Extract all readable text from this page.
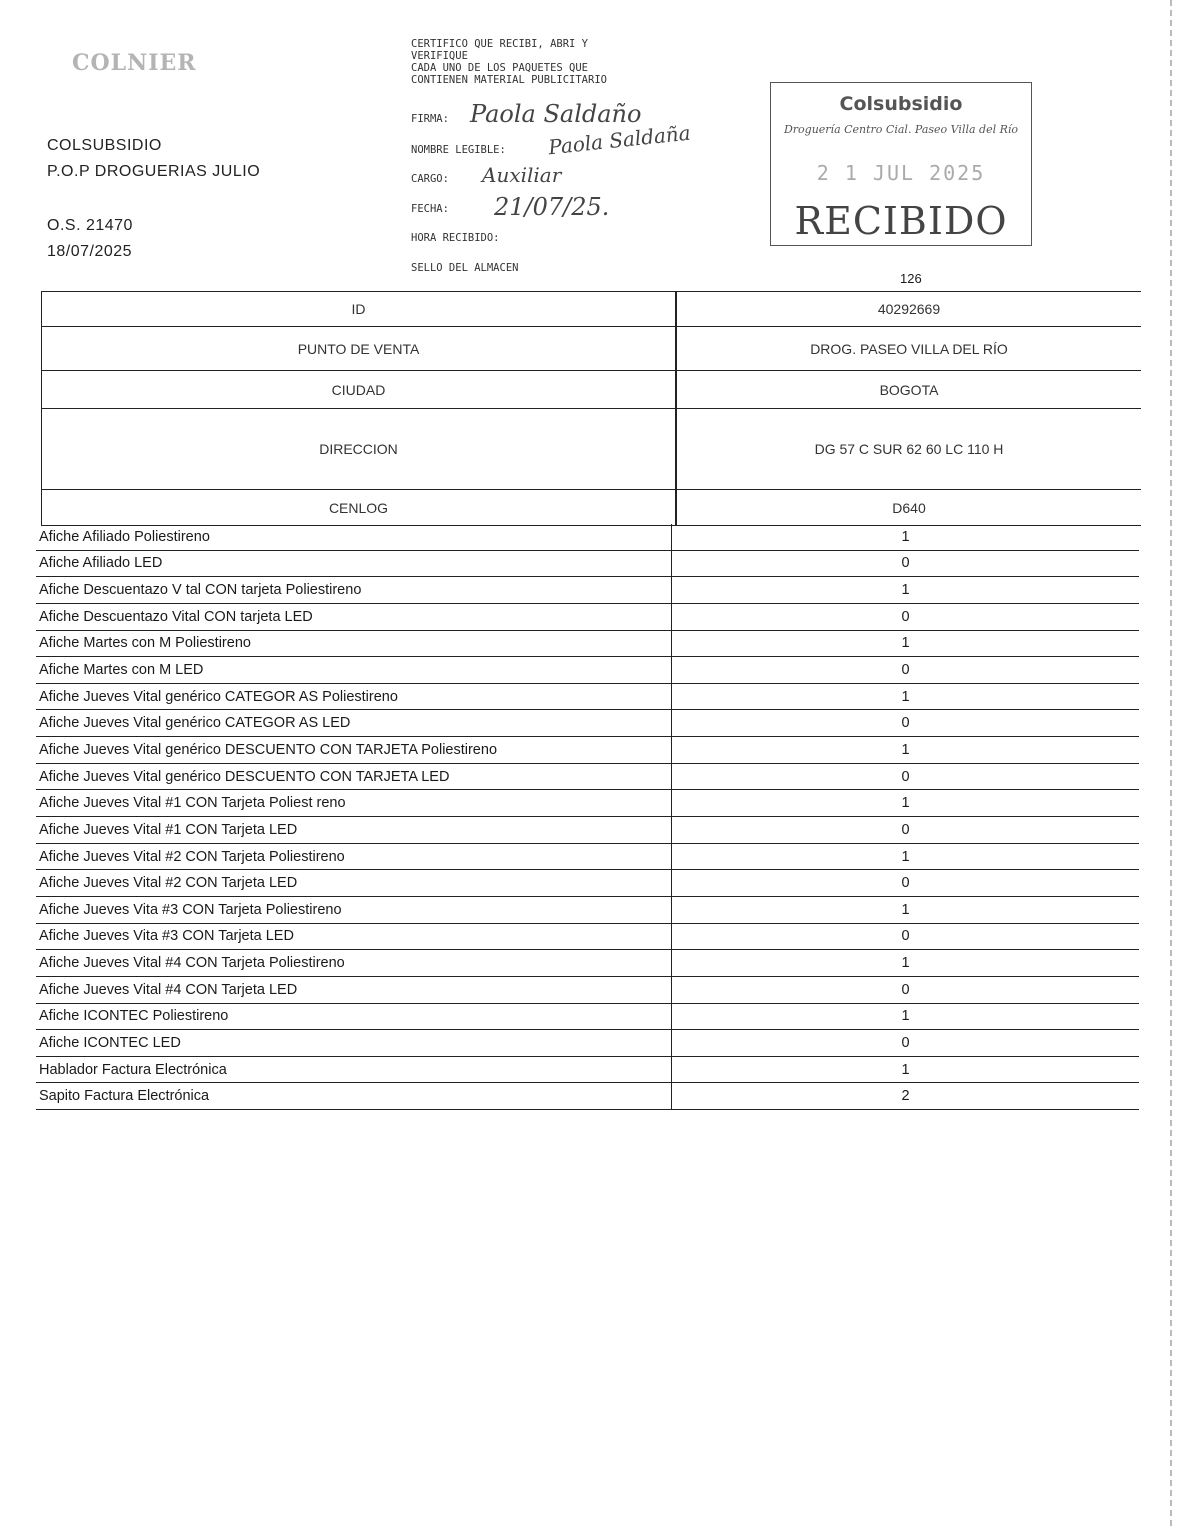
COLNIER
COLSUBSIDIO
P.O.P DROGUERIAS JULIO
O.S. 21470
18/07/2025
CERTIFICO QUE RECIBI, ABRI Y
VERIFIQUE
CADA UNO DE LOS PAQUETES QUE
CONTIENEN MATERIAL PUBLICITARIO
FIRMA: Paola Saldaño
NOMBRE LEGIBLE: Paola Saldaña
CARGO: Auxiliar
FECHA: 21/07/25.
HORA RECIBIDO:
SELLO DEL ALMACEN
Colsubsidio
Droguería Centro Cial. Paseo Villa del Río
2 1 JUL 2025
RECIBIDO
126
ID	40292669
PUNTO DE VENTA	DROG. PASEO VILLA DEL RÍO
CIUDAD	BOGOTA
DIRECCION	DG 57 C SUR 62 60 LC 110 H
CENLOG	D640
Afiche Afiliado Poliestireno	1
Afiche Afiliado LED	0
Afiche Descuentazo V tal CON tarjeta Poliestireno	1
Afiche Descuentazo Vital CON tarjeta LED	0
Afiche Martes con M Poliestireno	1
Afiche Martes con M LED	0
Afiche Jueves Vital genérico CATEGOR AS Poliestireno	1
Afiche Jueves Vital genérico CATEGOR AS LED	0
Afiche Jueves Vital genérico DESCUENTO CON TARJETA Poliestireno	1
Afiche Jueves Vital genérico DESCUENTO CON TARJETA LED	0
Afiche Jueves Vital #1 CON Tarjeta Poliest reno	1
Afiche Jueves Vital #1 CON Tarjeta LED	0
Afiche Jueves Vital #2 CON Tarjeta Poliestireno	1
Afiche Jueves Vital #2 CON Tarjeta LED	0
Afiche Jueves Vita #3 CON Tarjeta Poliestireno	1
Afiche Jueves Vita #3 CON Tarjeta LED	0
Afiche Jueves Vital #4 CON Tarjeta Poliestireno	1
Afiche Jueves Vital #4 CON Tarjeta LED	0
Afiche ICONTEC Poliestireno	1
Afiche ICONTEC LED	0
Hablador Factura Electrónica	1
Sapito Factura Electrónica	2
